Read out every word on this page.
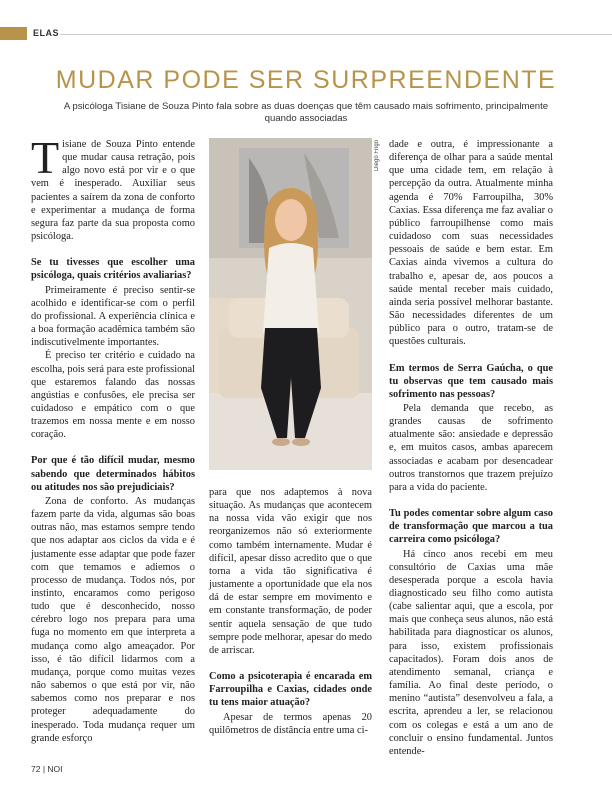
ELAS
MUDAR PODE SER SURPREENDENTE
A psicóloga Tisiane de Souza Pinto fala sobre as duas doenças que têm causado mais sofrimento, principalmente quando associadas

Tisiane de Souza Pinto entende que mudar causa retração, pois algo novo está por vir e o que vem é inesperado. Auxiliar seus pacientes a saírem da zona de conforto e experimentar a mudança de forma segura faz parte da sua proposta como psicóloga.

Se tu tivesses que escolher uma psicóloga, quais critérios avaliarias?

Primeiramente é preciso sentir-se acolhido e identificar-se com o perfil do profissional. A experiência clínica e a boa formação acadêmica também são indiscutivelmente importantes.

É preciso ter critério e cuidado na escolha, pois será para este profissional que estaremos falando das nossas angústias e confusões, ele precisa ser cuidadoso e empático com o que trazemos em nossa mente e em nosso coração.

Por que é tão difícil mudar, mesmo sabendo que determinados hábitos ou atitudes nos são prejudiciais?

Zona de conforto. As mudanças fazem parte da vida, algumas são boas outras não, mas estamos sempre tendo que nos adaptar aos ciclos da vida e é justamente esse adaptar que pode fazer com que temamos e adiemos o processo de mudança. Todos nós, por instinto, encaramos como perigoso tudo que é desconhecido, nosso cérebro logo nos prepara para uma fuga no momento em que interpreta a mudança como algo ameaçador. Por isso, é tão difícil lidarmos com a mudança, porque como muitas vezes não sabemos o que está por vir, não sabemos como nos preparar e nos proteger adequadamente do inesperado. Toda mudança requer um grande esforço

Diego Frigo

para que nos adaptemos à nova situação. As mudanças que acontecem na nossa vida vão exigir que nos reorganizemos não só exteriormente como também internamente. Mudar é difícil, apesar disso acredito que o que torna a vida tão significativa é justamente a oportunidade que ela nos dá de estar sempre em movimento e em constante transformação, de poder sentir aquela sensação de que tudo sempre pode melhorar, apesar do medo de arriscar.

Como a psicoterapia é encarada em Farroupilha e Caxias, cidades onde tu tens maior atuação?

Apesar de termos apenas 20 quilômetros de distância entre uma ci-

dade e outra, é impressionante a diferença de olhar para a saúde mental que uma cidade tem, em relação à percepção da outra. Atualmente minha agenda é 70% Farroupilha, 30% Caxias. Essa diferença me faz avaliar o público farroupilhense como mais cuidadoso com suas necessidades pessoais de saúde e bem estar. Em Caxias ainda vivemos a cultura do trabalho e, apesar de, aos poucos a saúde mental receber mais cuidado, ainda seria possível melhorar bastante. São necessidades diferentes de um público para o outro, tratam-se de questões culturais.

Em termos de Serra Gaúcha, o que tu observas que tem causado mais sofrimento nas pessoas?

Pela demanda que recebo, as grandes causas de sofrimento atualmente são: ansiedade e depressão e, em muitos casos, ambas aparecem associadas e acabam por desencadear outros transtornos que trazem prejuízo para a vida do paciente.

Tu podes comentar sobre algum caso de transformação que marcou a tua carreira como psicóloga?

Há cinco anos recebi em meu consultório de Caxias uma mãe desesperada porque a escola havia diagnosticado seu filho como autista (cabe salientar aqui, que a escola, por mais que conheça seus alunos, não está habilitada para diagnosticar os alunos, para isso, existem profissionais capacitados). Foram dois anos de atendimento semanal, criança e família. Ao final deste período, o menino “autista” desenvolveu a fala, a escrita, aprendeu a ler, se relacionou com os colegas e está a um ano de concluir o ensino fundamental. Juntos entende-

72 | NOI
